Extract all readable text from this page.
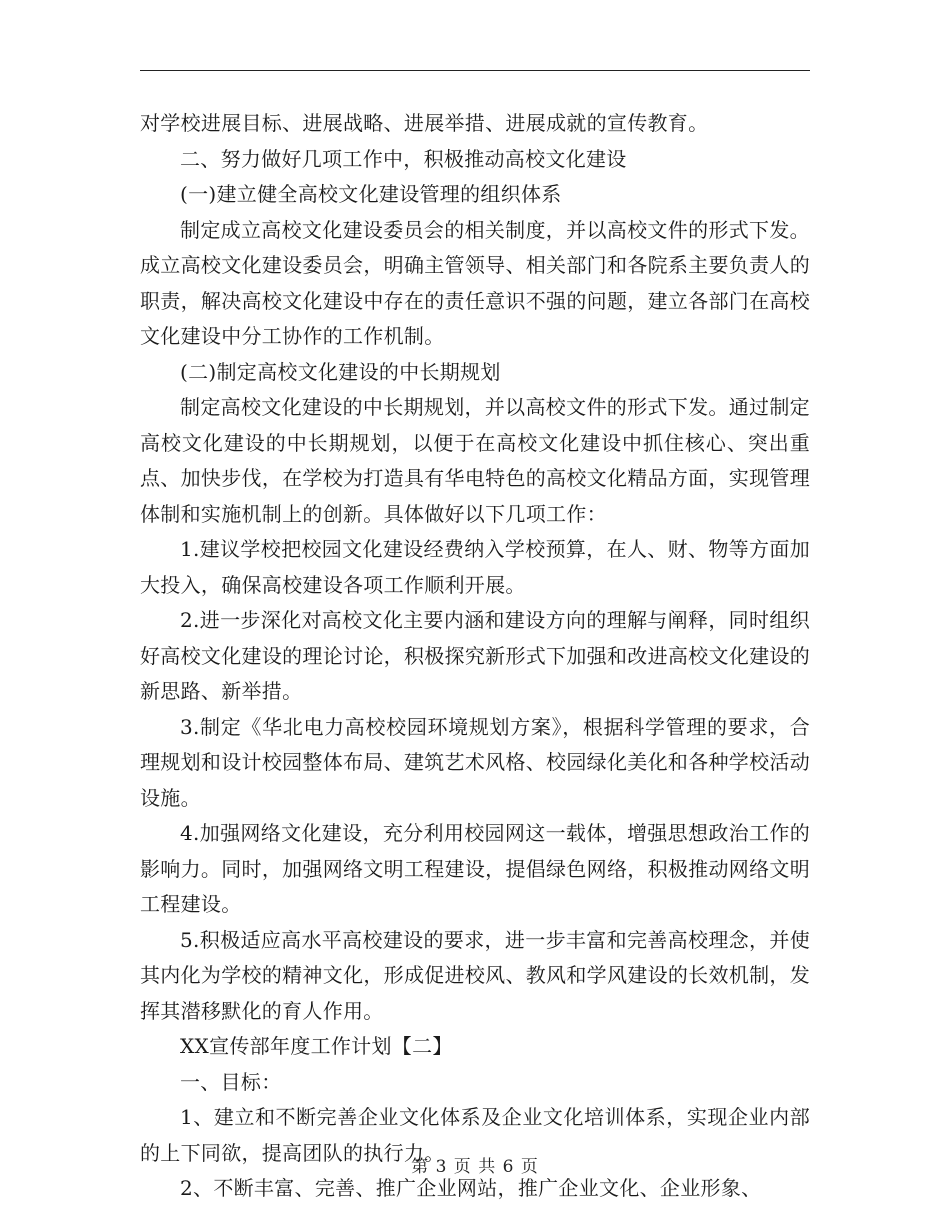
对学校进展目标、进展战略、进展举措、进展成就的宣传教育。

二、努力做好几项工作中，积极推动高校文化建设

(一)建立健全高校文化建设管理的组织体系

制定成立高校文化建设委员会的相关制度，并以高校文件的形式下发。成立高校文化建设委员会，明确主管领导、相关部门和各院系主要负责人的职责，解决高校文化建设中存在的责任意识不强的问题，建立各部门在高校文化建设中分工协作的工作机制。

(二)制定高校文化建设的中长期规划

制定高校文化建设的中长期规划，并以高校文件的形式下发。通过制定高校文化建设的中长期规划，以便于在高校文化建设中抓住核心、突出重点、加快步伐，在学校为打造具有华电特色的高校文化精品方面，实现管理体制和实施机制上的创新。具体做好以下几项工作：

1.建议学校把校园文化建设经费纳入学校预算，在人、财、物等方面加大投入，确保高校建设各项工作顺利开展。

2.进一步深化对高校文化主要内涵和建设方向的理解与阐释，同时组织好高校文化建设的理论讨论，积极探究新形式下加强和改进高校文化建设的新思路、新举措。

3.制定《华北电力高校校园环境规划方案》，根据科学管理的要求，合理规划和设计校园整体布局、建筑艺术风格、校园绿化美化和各种学校活动设施。

4.加强网络文化建设，充分利用校园网这一载体，增强思想政治工作的影响力。同时，加强网络文明工程建设，提倡绿色网络，积极推动网络文明工程建设。

5.积极适应高水平高校建设的要求，进一步丰富和完善高校理念，并使其内化为学校的精神文化，形成促进校风、教风和学风建设的长效机制，发挥其潜移默化的育人作用。

XX宣传部年度工作计划【二】

一、目标：

1、建立和不断完善企业文化体系及企业文化培训体系，实现企业内部的上下同欲，提高团队的执行力。

2、不断丰富、完善、推广企业网站，推广企业文化、企业形象、

第 3 页 共 6 页
